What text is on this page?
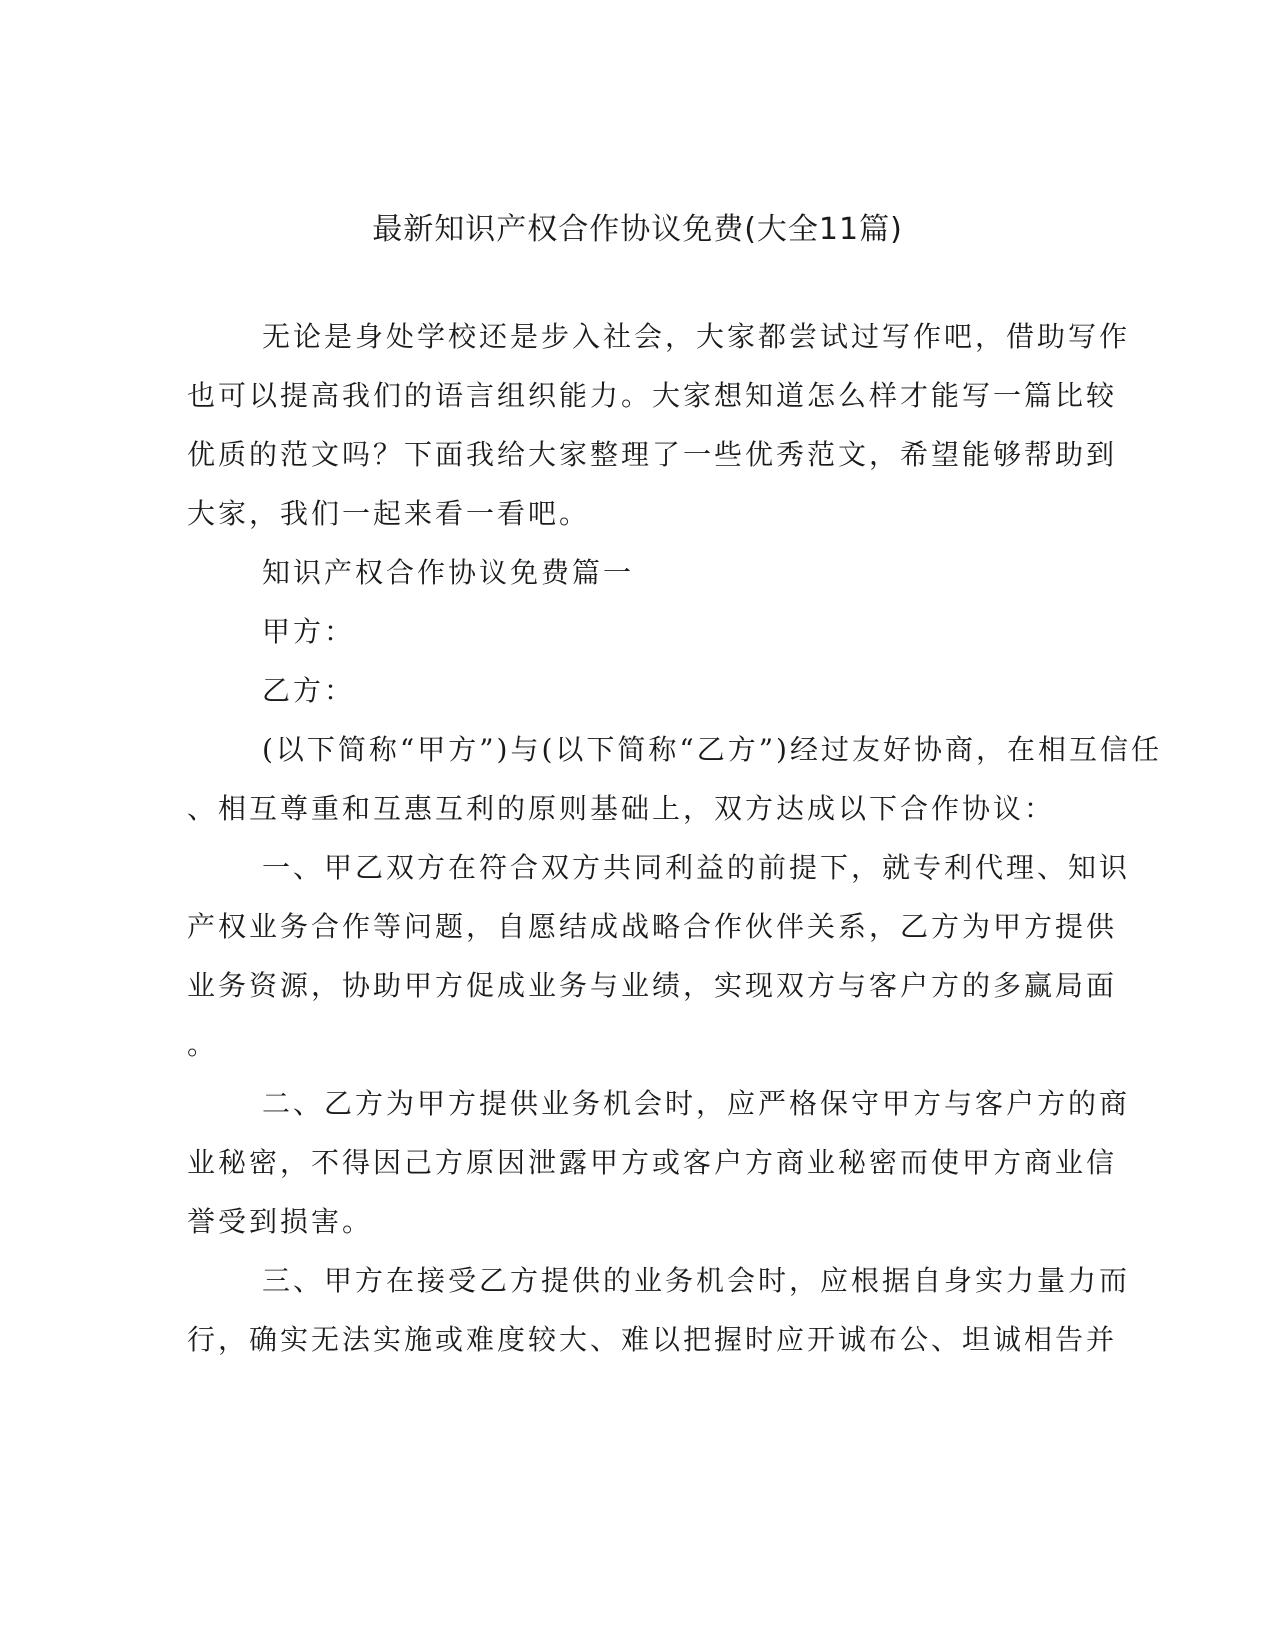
最新知识产权合作协议免费(大全11篇)
无论是身处学校还是步入社会，大家都尝试过写作吧，借助写作
也可以提高我们的语言组织能力。大家想知道怎么样才能写一篇比较
优质的范文吗？下面我给大家整理了一些优秀范文，希望能够帮助到
大家，我们一起来看一看吧。
知识产权合作协议免费篇一
甲方：
乙方：
(以下简称“甲方”)与(以下简称“乙方”)经过友好协商，在相互信任
、相互尊重和互惠互利的原则基础上，双方达成以下合作协议：
一、甲乙双方在符合双方共同利益的前提下，就专利代理、知识
产权业务合作等问题，自愿结成战略合作伙伴关系，乙方为甲方提供
业务资源，协助甲方促成业务与业绩，实现双方与客户方的多赢局面
。
二、乙方为甲方提供业务机会时，应严格保守甲方与客户方的商
业秘密，不得因己方原因泄露甲方或客户方商业秘密而使甲方商业信
誉受到损害。
三、甲方在接受乙方提供的业务机会时，应根据自身实力量力而
行，确实无法实施或难度较大、难以把握时应开诚布公、坦诚相告并
